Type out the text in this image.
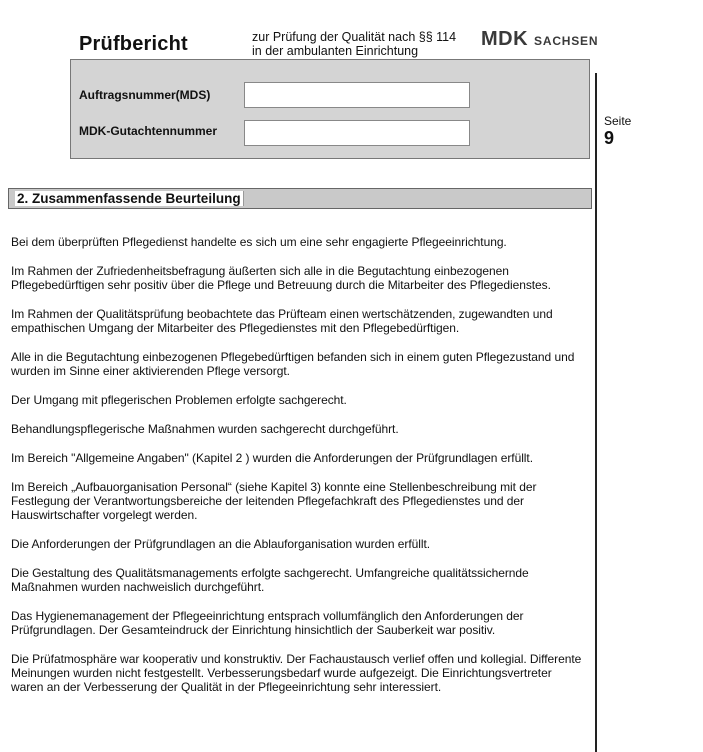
Prüfbericht	zur Prüfung der Qualität nach §§ 114
in der ambulanten Einrichtung
MDK SACHSEN
Auftragsnummer(MDS)
MDK-Gutachtennummer
Seite
9
2. Zusammenfassende Beurteilung

Bei dem überprüften Pflegedienst handelte es sich um eine sehr engagierte Pflegeeinrichtung.

Im Rahmen der Zufriedenheitsbefragung äußerten sich alle in die Begutachtung einbezogenen Pflegebedürftigen sehr positiv über die Pflege und Betreuung durch die Mitarbeiter des Pflegedienstes.

Im Rahmen der Qualitätsprüfung beobachtete das Prüfteam einen wertschätzenden, zugewandten und empathischen Umgang der Mitarbeiter des Pflegedienstes mit den Pflegebedürftigen.

Alle in die Begutachtung einbezogenen Pflegebedürftigen befanden sich in einem guten Pflegezustand und wurden im Sinne einer aktivierenden Pflege versorgt.

Der Umgang mit pflegerischen Problemen erfolgte sachgerecht.

Behandlungspflegerische Maßnahmen wurden sachgerecht durchgeführt.

Im Bereich "Allgemeine Angaben" (Kapitel 2 ) wurden die Anforderungen der Prüfgrundlagen erfüllt.

Im Bereich „Aufbauorganisation Personal“ (siehe Kapitel 3) konnte eine Stellenbeschreibung mit der Festlegung der Verantwortungsbereiche der leitenden Pflegefachkraft des Pflegedienstes und der Hauswirtschafter vorgelegt werden.

Die Anforderungen der Prüfgrundlagen an die Ablauforganisation wurden erfüllt.

Die Gestaltung des Qualitätsmanagements erfolgte sachgerecht. Umfangreiche qualitätssichernde Maßnahmen wurden nachweislich durchgeführt.

Das Hygienemanagement der Pflegeeinrichtung entsprach vollumfänglich den Anforderungen der Prüfgrundlagen. Der Gesamteindruck der Einrichtung hinsichtlich der Sauberkeit war positiv.

Die Prüfatmosphäre war kooperativ und konstruktiv. Der Fachaustausch verlief offen und kollegial. Differente Meinungen wurden nicht festgestellt. Verbesserungsbedarf wurde aufgezeigt. Die Einrichtungsvertreter waren an der Verbesserung der Qualität in der Pflegeeinrichtung sehr interessiert.
